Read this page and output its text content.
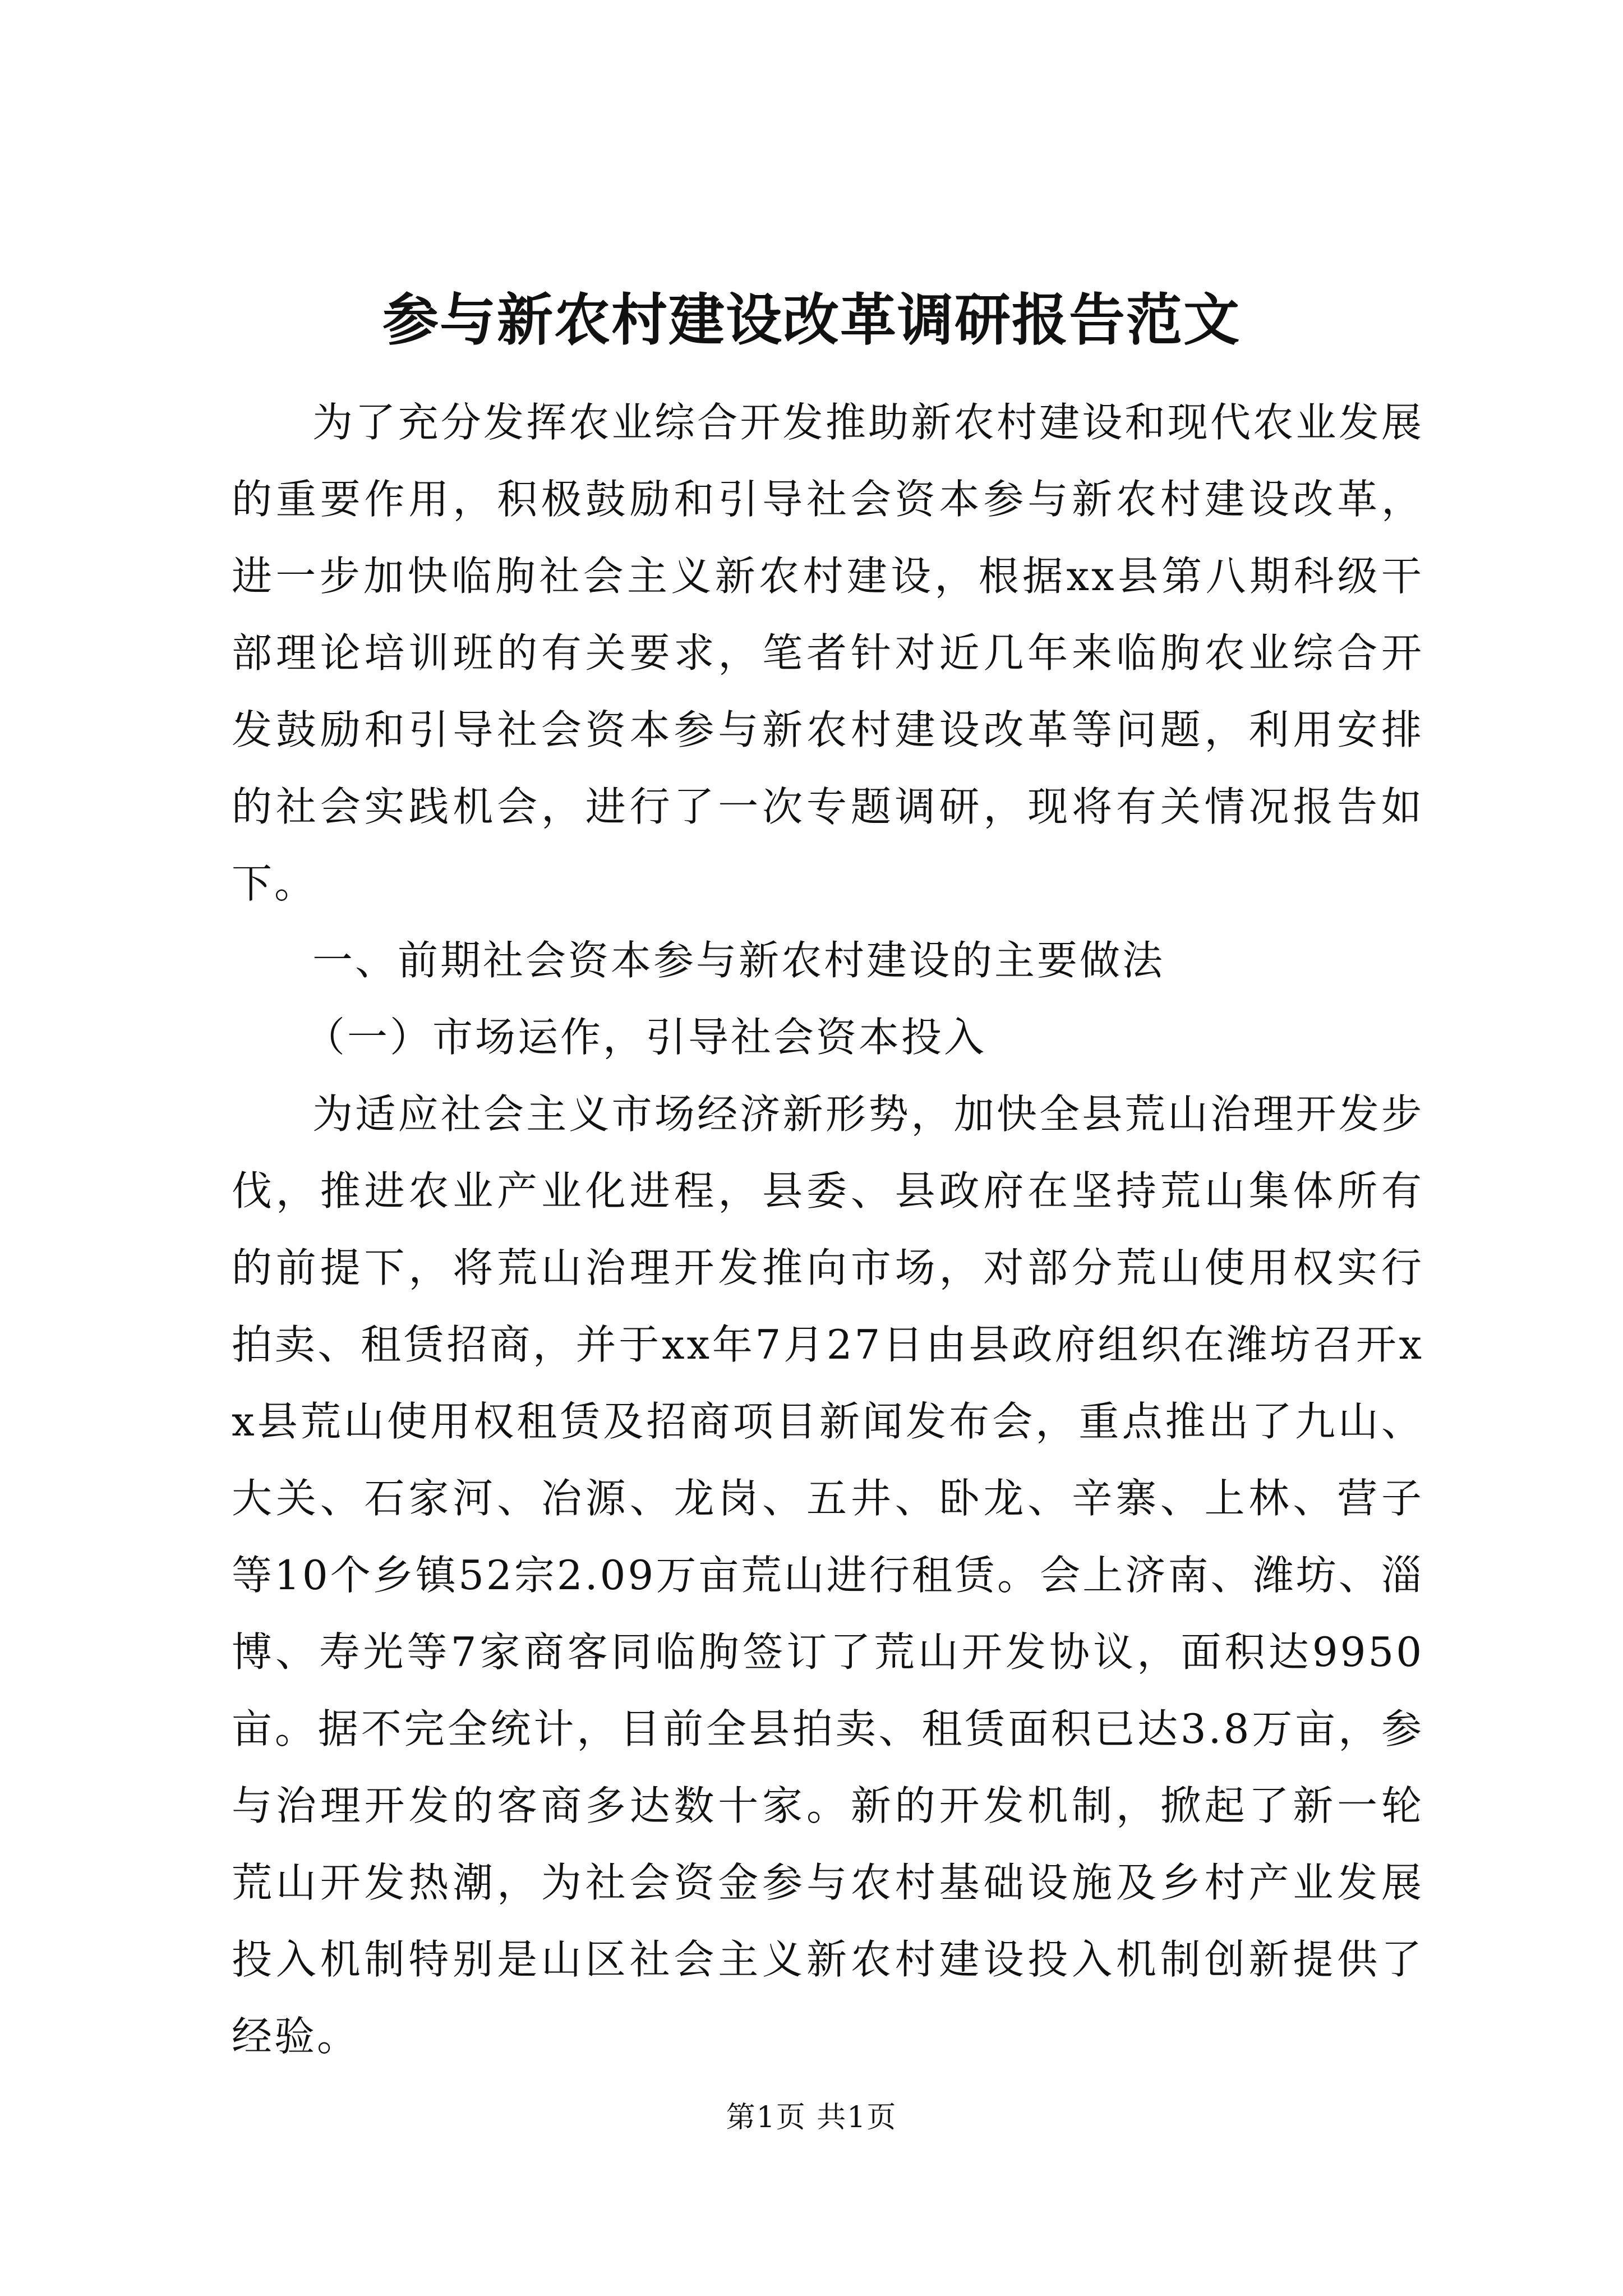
参与新农村建设改革调研报告范文

为了充分发挥农业综合开发推助新农村建设和现代农业发展的重要作用，积极鼓励和引导社会资本参与新农村建设改革，进一步加快临朐社会主义新农村建设，根据xx县第八期科级干部理论培训班的有关要求，笔者针对近几年来临朐农业综合开发鼓励和引导社会资本参与新农村建设改革等问题，利用安排的社会实践机会，进行了一次专题调研，现将有关情况报告如下。

一、前期社会资本参与新农村建设的主要做法

（一）市场运作，引导社会资本投入

为适应社会主义市场经济新形势，加快全县荒山治理开发步伐，推进农业产业化进程，县委、县政府在坚持荒山集体所有的前提下，将荒山治理开发推向市场，对部分荒山使用权实行拍卖、租赁招商，并于xx年7月27日由县政府组织在潍坊召开xx县荒山使用权租赁及招商项目新闻发布会，重点推出了九山、大关、石家河、冶源、龙岗、五井、卧龙、辛寨、上林、营子等10个乡镇52宗2.09万亩荒山进行租赁。会上济南、潍坊、淄博、寿光等7家商客同临朐签订了荒山开发协议，面积达9950亩。据不完全统计，目前全县拍卖、租赁面积已达3.8万亩，参与治理开发的客商多达数十家。新的开发机制，掀起了新一轮荒山开发热潮，为社会资金参与农村基础设施及乡村产业发展投入机制特别是山区社会主义新农村建设投入机制创新提供了经验。

第1页 共1页
